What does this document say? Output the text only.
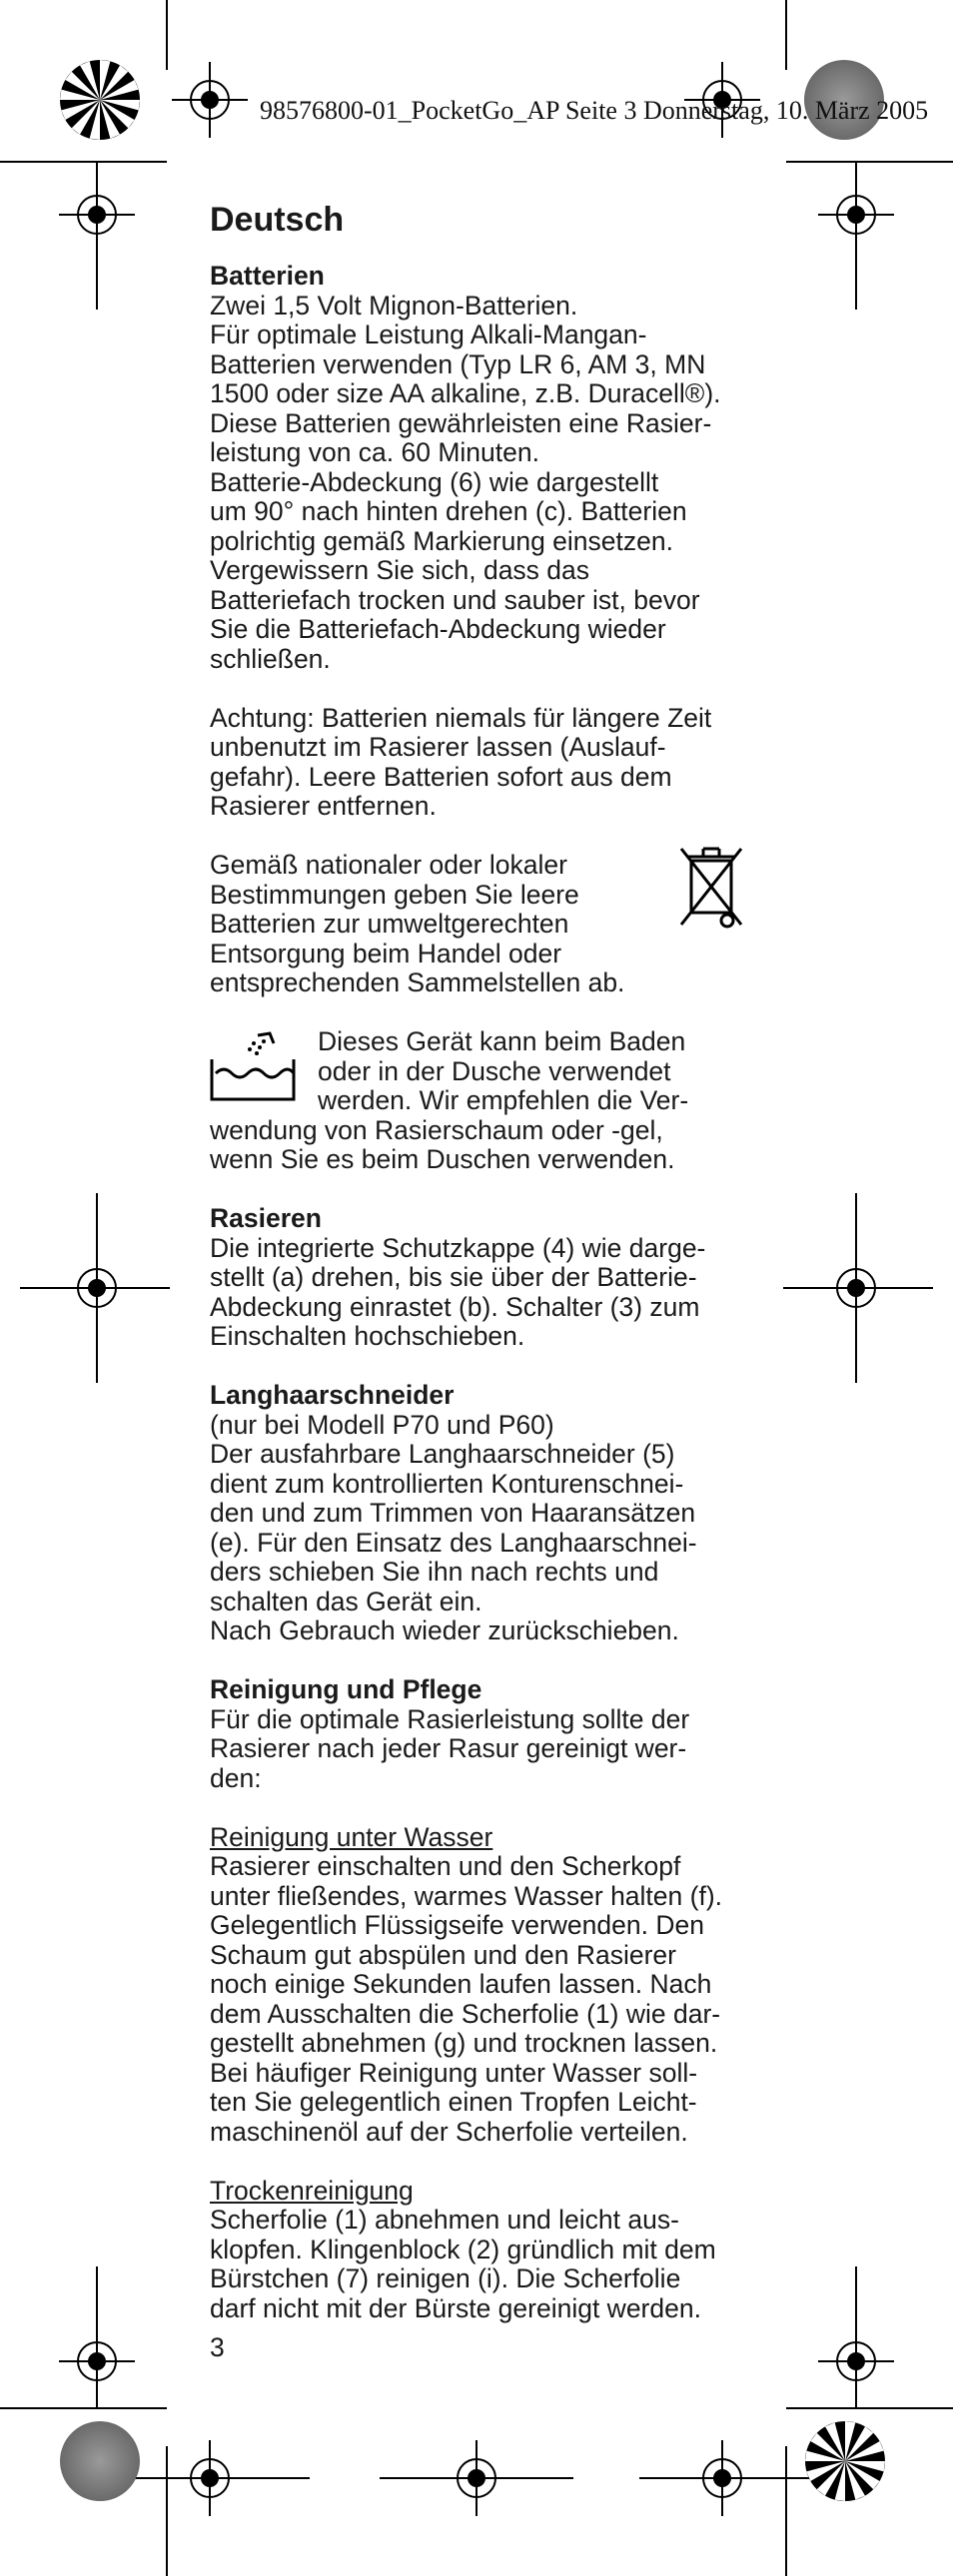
98576800-01_PocketGo_AP Seite 3 Donnerstag, 10. März 2005
Deutsch
Batterien
Zwei 1,5 Volt Mignon-Batterien.
Für optimale Leistung Alkali-Mangan-
Batterien verwenden (Typ LR 6, AM 3, MN
1500 oder size AA alkaline, z.B. Duracell®).
Diese Batterien gewährleisten eine Rasier-
leistung von ca. 60 Minuten.
Batterie-Abdeckung (6) wie dargestellt
um 90° nach hinten drehen (c). Batterien
polrichtig gemäß Markierung einsetzen.
Vergewissern Sie sich, dass das
Batteriefach trocken und sauber ist, bevor
Sie die Batteriefach-Abdeckung wieder
schließen.
Achtung: Batterien niemals für längere Zeit
unbenutzt im Rasierer lassen (Auslauf-
gefahr). Leere Batterien sofort aus dem
Rasierer entfernen.
Gemäß nationaler oder lokaler
Bestimmungen geben Sie leere
Batterien zur umweltgerechten
Entsorgung beim Handel oder
entsprechenden Sammelstellen ab.
Dieses Gerät kann beim Baden
oder in der Dusche verwendet
werden. Wir empfehlen die Ver-
wendung von Rasierschaum oder -gel,
wenn Sie es beim Duschen verwenden.
Rasieren
Die integrierte Schutzkappe (4) wie darge-
stellt (a) drehen, bis sie über der Batterie-
Abdeckung einrastet (b). Schalter (3) zum
Einschalten hochschieben.
Langhaarschneider
(nur bei Modell P70 und P60)
Der ausfahrbare Langhaarschneider (5)
dient zum kontrollierten Konturenschnei-
den und zum Trimmen von Haaransätzen
(e). Für den Einsatz des Langhaarschnei-
ders schieben Sie ihn nach rechts und
schalten das Gerät ein.
Nach Gebrauch wieder zurückschieben.
Reinigung und Pflege
Für die optimale Rasierleistung sollte der
Rasierer nach jeder Rasur gereinigt wer-
den:
Reinigung unter Wasser
Rasierer einschalten und den Scherkopf
unter fließendes, warmes Wasser halten (f).
Gelegentlich Flüssigseife verwenden. Den
Schaum gut abspülen und den Rasierer
noch einige Sekunden laufen lassen. Nach
dem Ausschalten die Scherfolie (1) wie dar-
gestellt abnehmen (g) und trocknen lassen.
Bei häufiger Reinigung unter Wasser soll-
ten Sie gelegentlich einen Tropfen Leicht-
maschinenöl auf der Scherfolie verteilen.
Trockenreinigung
Scherfolie (1) abnehmen und leicht aus-
klopfen. Klingenblock (2) gründlich mit dem
Bürstchen (7) reinigen (i). Die Scherfolie
darf nicht mit der Bürste gereinigt werden.
3
